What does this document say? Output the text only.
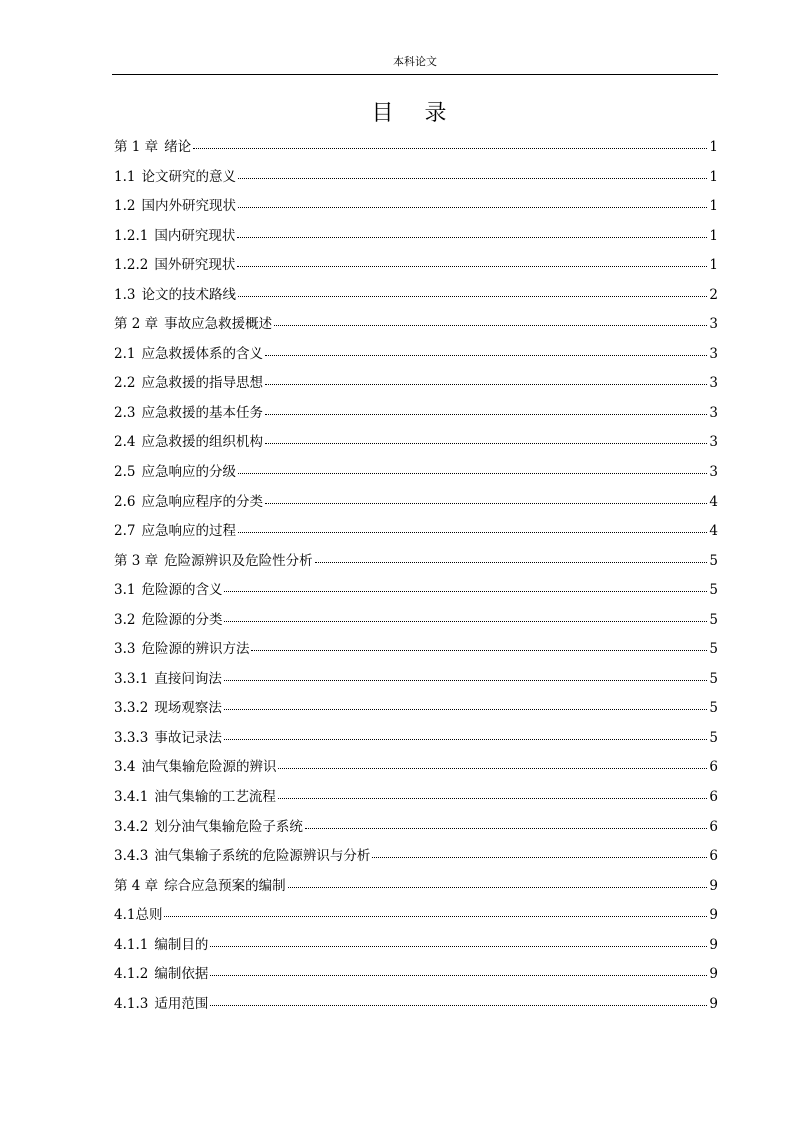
本科论文
目 录
第 1 章 绪论	1
1.1 论文研究的意义	1
1.2 国内外研究现状	1
1.2.1 国内研究现状	1
1.2.2 国外研究现状	1
1.3 论文的技术路线	2
第 2 章 事故应急救援概述	3
2.1 应急救援体系的含义	3
2.2 应急救援的指导思想	3
2.3 应急救援的基本任务	3
2.4 应急救援的组织机构	3
2.5 应急响应的分级	3
2.6 应急响应程序的分类	4
2.7 应急响应的过程	4
第 3 章 危险源辨识及危险性分析	5
3.1 危险源的含义	5
3.2 危险源的分类	5
3.3 危险源的辨识方法	5
3.3.1 直接问询法	5
3.3.2 现场观察法	5
3.3.3 事故记录法	5
3.4 油气集输危险源的辨识	6
3.4.1 油气集输的工艺流程	6
3.4.2 划分油气集输危险子系统	6
3.4.3 油气集输子系统的危险源辨识与分析	6
第 4 章 综合应急预案的编制	9
4.1 总则	9
4.1.1 编制目的	9
4.1.2 编制依据	9
4.1.3 适用范围	9
